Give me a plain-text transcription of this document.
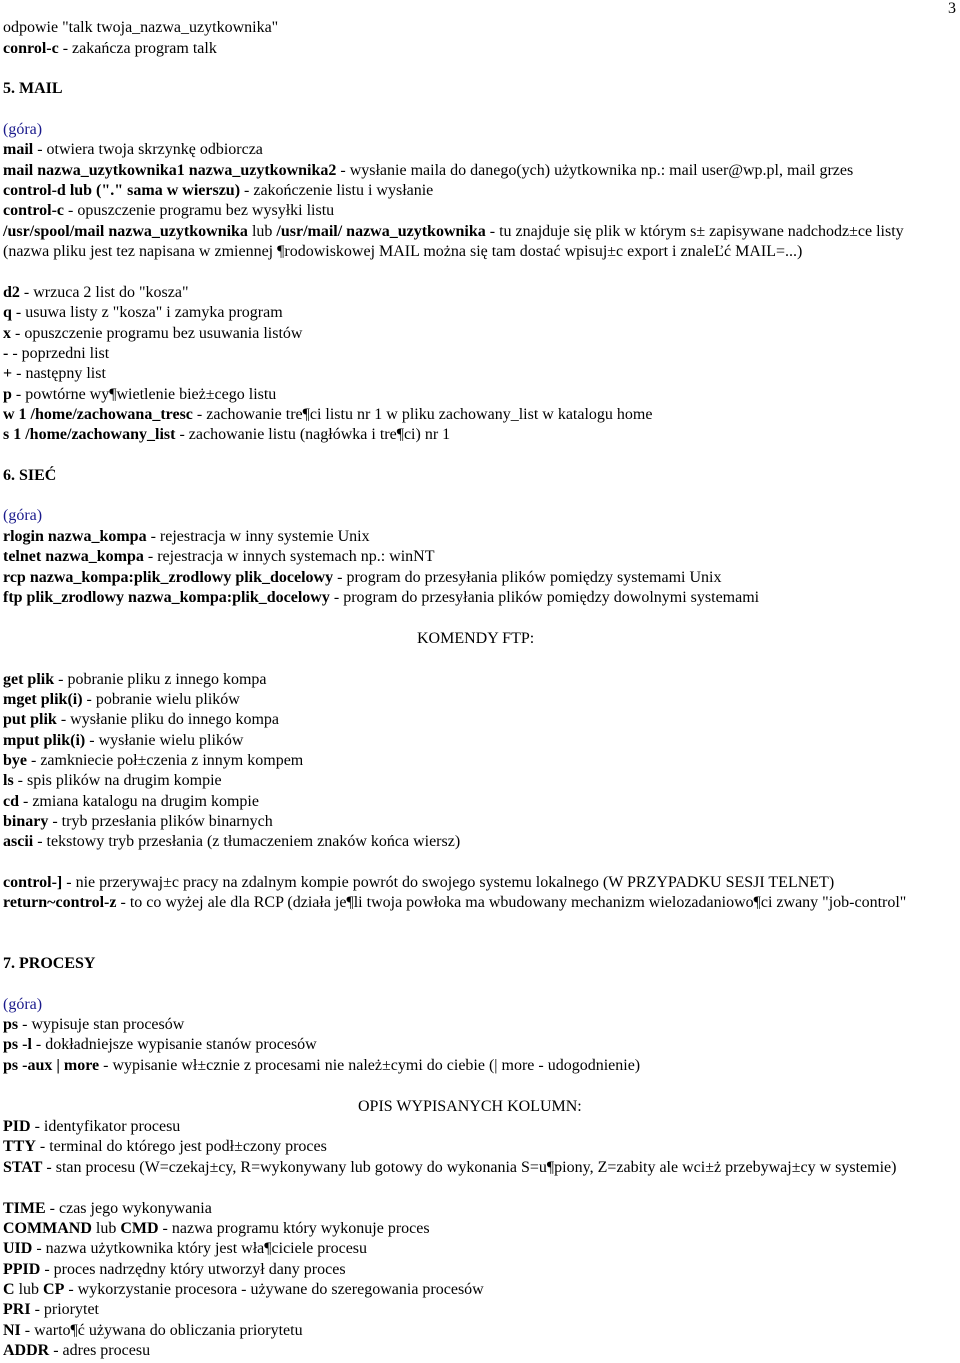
3
odpowie "talk twoja_nazwa_uzytkownika"
conrol-c - zakańcza program talk
5. MAIL
(góra)
mail - otwiera twoja skrzynkę odbiorcza
mail nazwa_uzytkownika1 nazwa_uzytkownika2 - wysłanie maila do danego(ych) użytkownika np.: mail user@wp.pl, mail grzes
control-d lub ("." sama w wierszu) - zakończenie listu i wysłanie
control-c - opuszczenie programu bez wysyłki listu
/usr/spool/mail nazwa_uzytkownika lub /usr/mail/ nazwa_uzytkownika - tu znajduje się plik w którym s± zapisywane nadchodz±ce listy (nazwa pliku jest tez napisana w zmiennej ¶rodowiskowej MAIL można się tam dostać wpisuj±c export i znaleĽć MAIL=...)
d2 - wrzuca 2 list do "kosza"
q - usuwa listy z "kosza" i zamyka program
x - opuszczenie programu bez usuwania listów
- - poprzedni list
+ - następny list
p - powtórne wy¶wietlenie bież±cego listu
w 1 /home/zachowana_tresc - zachowanie tre¶ci listu nr 1 w pliku zachowany_list w katalogu home
s 1 /home/zachowany_list - zachowanie listu (nagłówka i tre¶ci) nr 1
6. SIEĆ
(góra)
rlogin nazwa_kompa - rejestracja w inny systemie Unix
telnet nazwa_kompa - rejestracja w innych systemach np.: winNT
rcp nazwa_kompa:plik_zrodlowy plik_docelowy - program do przesyłania plików pomiędzy systemami Unix
ftp plik_zrodlowy nazwa_kompa:plik_docelowy - program do przesyłania plików pomiędzy dowolnymi systemami
KOMENDY FTP:
get plik - pobranie pliku z innego kompa
mget plik(i) - pobranie wielu plików
put plik - wysłanie pliku do innego kompa
mput plik(i) - wysłanie wielu plików
bye - zamkniecie poł±czenia z innym kompem
ls - spis plików na drugim kompie
cd - zmiana katalogu na drugim kompie
binary - tryb przesłania plików binarnych
ascii - tekstowy tryb przesłania (z tłumaczeniem znaków końca wiersz)
control-] - nie przerywaj±c pracy na zdalnym kompie powrót do swojego systemu lokalnego (W PRZYPADKU SESJI TELNET)
return~control-z - to co wyżej ale dla RCP (działa je¶li twoja powłoka ma wbudowany mechanizm wielozadaniowo¶ci zwany "job-control"
7. PROCESY
(góra)
ps - wypisuje stan procesów
ps -l - dokładniejsze wypisanie stanów procesów
ps -aux | more - wypisanie wł±cznie z procesami nie należ±cymi do ciebie (| more - udogodnienie)
OPIS WYPISANYCH KOLUMN:
PID - identyfikator procesu
TTY - terminal do którego jest podł±czony proces
STAT - stan procesu (W=czekaj±cy, R=wykonywany lub gotowy do wykonania S=u¶piony, Z=zabity ale wci±ż przebywaj±cy w systemie)
TIME - czas jego wykonywania
COMMAND lub CMD - nazwa programu który wykonuje proces
UID - nazwa użytkownika który jest wła¶ciciele procesu
PPID - proces nadrzędny który utworzył dany proces
C lub CP - wykorzystanie procesora - używane do szeregowania procesów
PRI - priorytet
NI - warto¶ć używana do obliczania priorytetu
ADDR - adres procesu
